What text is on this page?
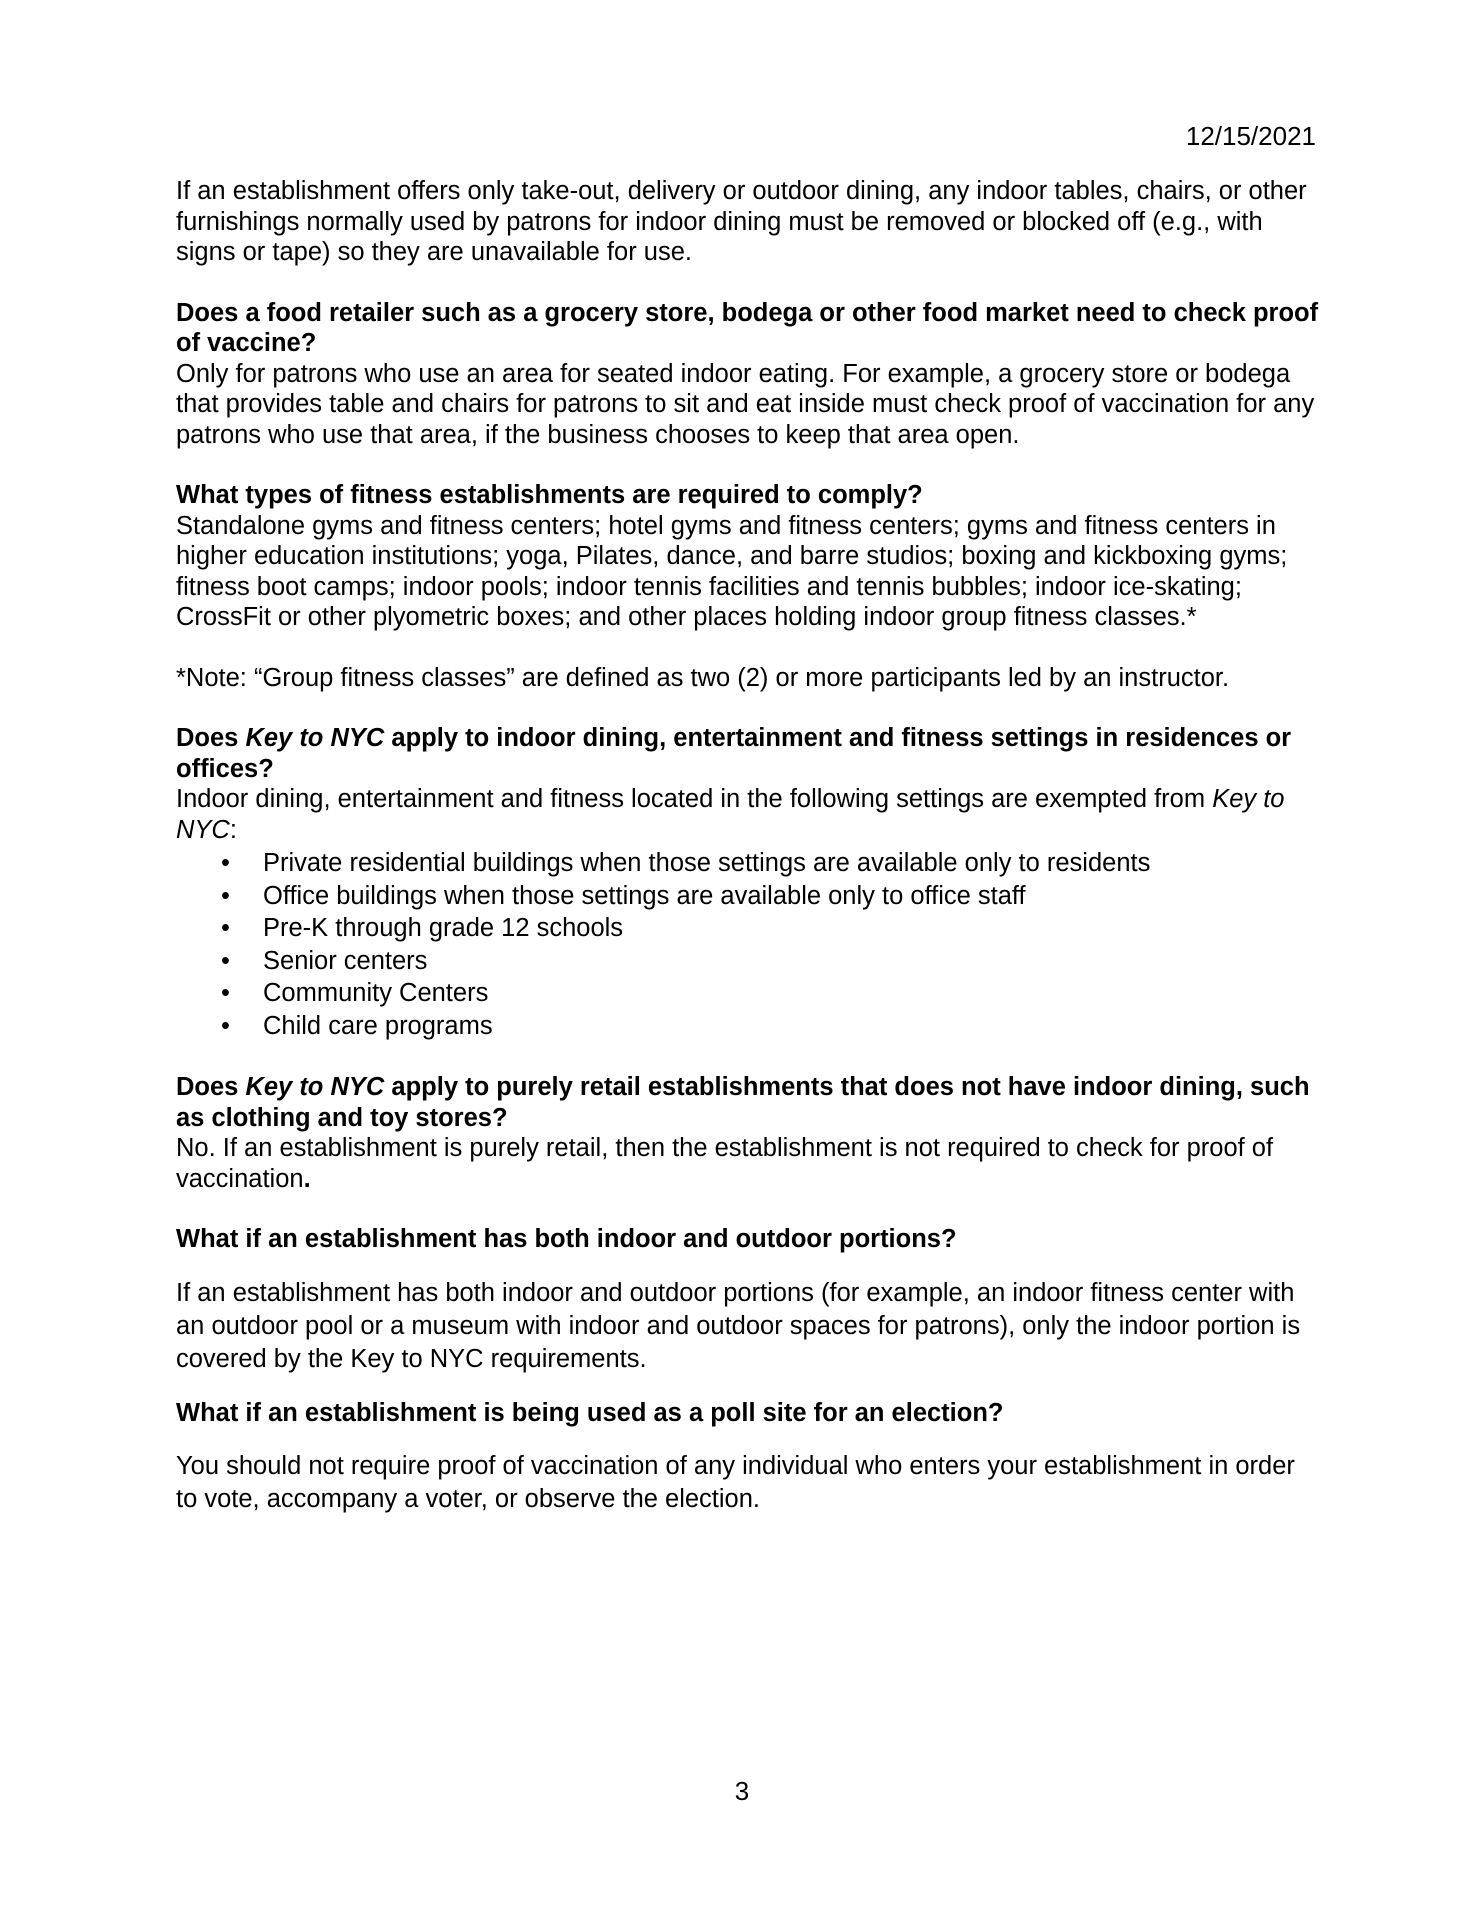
12/15/2021

If an establishment offers only take-out, delivery or outdoor dining, any indoor tables, chairs, or other furnishings normally used by patrons for indoor dining must be removed or blocked off (e.g., with signs or tape) so they are unavailable for use.

Does a food retailer such as a grocery store, bodega or other food market need to check proof of vaccine?

Only for patrons who use an area for seated indoor eating. For example, a grocery store or bodega that provides table and chairs for patrons to sit and eat inside must check proof of vaccination for any patrons who use that area, if the business chooses to keep that area open.

What types of fitness establishments are required to comply?

Standalone gyms and fitness centers; hotel gyms and fitness centers; gyms and fitness centers in higher education institutions; yoga, Pilates, dance, and barre studios; boxing and kickboxing gyms; fitness boot camps; indoor pools; indoor tennis facilities and tennis bubbles; indoor ice-skating; CrossFit or other plyometric boxes; and other places holding indoor group fitness classes.*

*Note: “Group fitness classes” are defined as two (2) or more participants led by an instructor.

Does Key to NYC apply to indoor dining, entertainment and fitness settings in residences or offices?

Indoor dining, entertainment and fitness located in the following settings are exempted from Key to NYC:

• Private residential buildings when those settings are available only to residents
• Office buildings when those settings are available only to office staff
• Pre-K through grade 12 schools
• Senior centers
• Community Centers
• Child care programs

Does Key to NYC apply to purely retail establishments that does not have indoor dining, such as clothing and toy stores?

No. If an establishment is purely retail, then the establishment is not required to check for proof of vaccination.

What if an establishment has both indoor and outdoor portions?

If an establishment has both indoor and outdoor portions (for example, an indoor fitness center with an outdoor pool or a museum with indoor and outdoor spaces for patrons), only the indoor portion is covered by the Key to NYC requirements.

What if an establishment is being used as a poll site for an election?

You should not require proof of vaccination of any individual who enters your establishment in order to vote, accompany a voter, or observe the election.

3
